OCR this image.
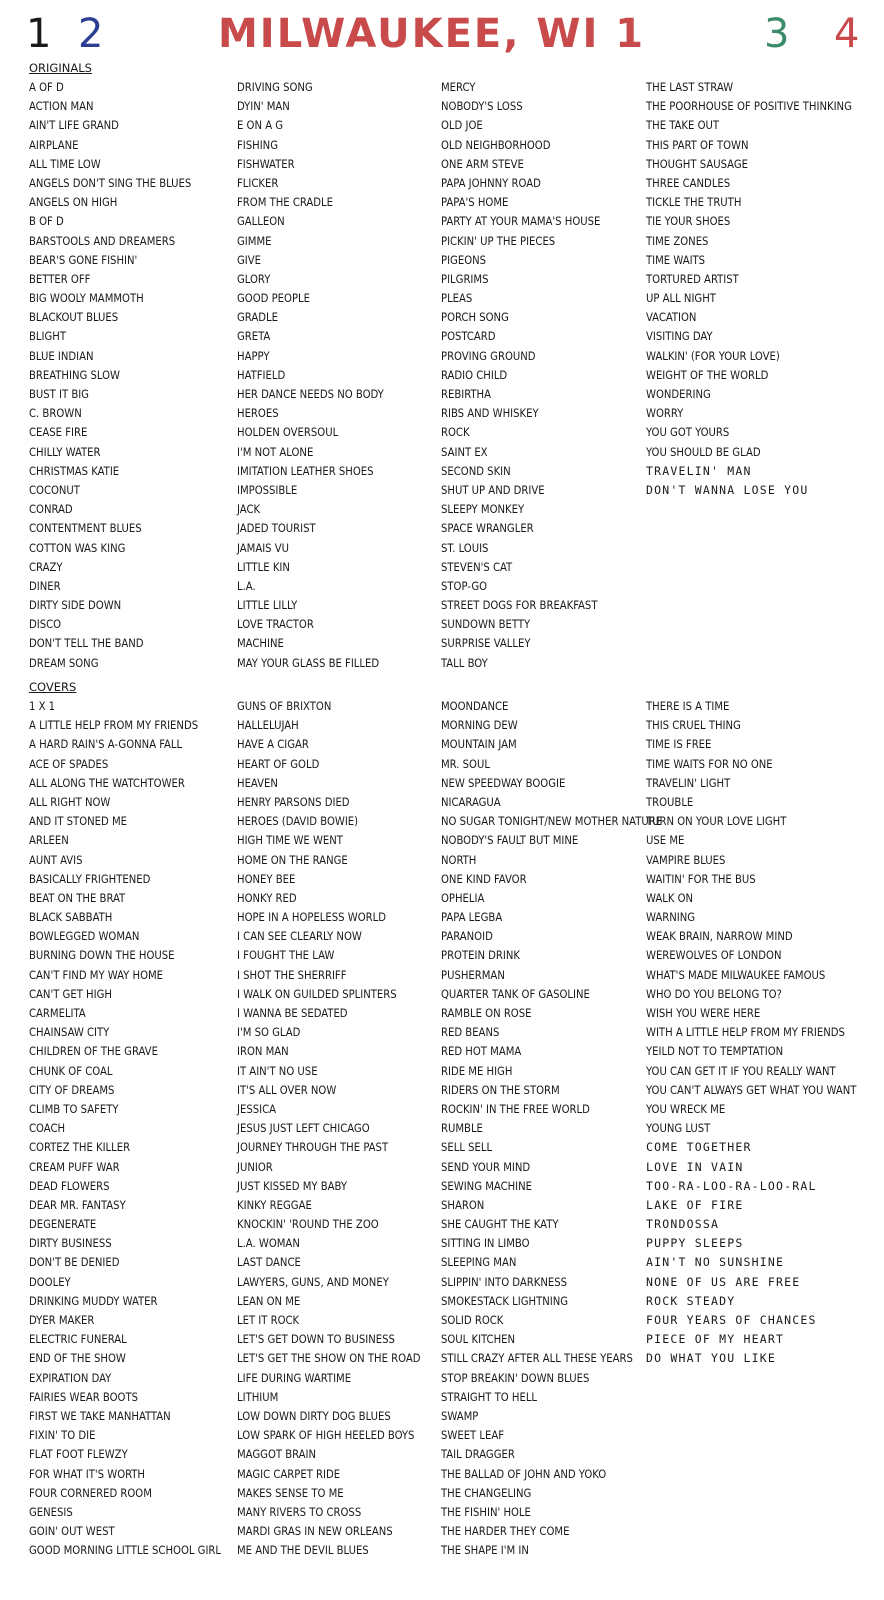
1 2	MILWAUKEE, WI 1	3 4
ORIGINALS
COVERS
A OF D
ACTION MAN
AIN'T LIFE GRAND
AIRPLANE
ALL TIME LOW
ANGELS DON'T SING THE BLUES
ANGELS ON HIGH
B OF D
BARSTOOLS AND DREAMERS
BEAR'S GONE FISHIN'
BETTER OFF
BIG WOOLY MAMMOTH
BLACKOUT BLUES
BLIGHT
BLUE INDIAN
BREATHING SLOW
BUST IT BIG
C. BROWN
CEASE FIRE
CHILLY WATER
CHRISTMAS KATIE
COCONUT
CONRAD
CONTENTMENT BLUES
COTTON WAS KING
CRAZY
DINER
DIRTY SIDE DOWN
DISCO
DON'T TELL THE BAND
DREAM SONG
DRIVING SONG
DYIN' MAN
E ON A G
FISHING
FISHWATER
FLICKER
FROM THE CRADLE
GALLEON
GIMME
GIVE
GLORY
GOOD PEOPLE
GRADLE
GRETA
HAPPY
HATFIELD
HER DANCE NEEDS NO BODY
HEROES
HOLDEN OVERSOUL
I'M NOT ALONE
IMITATION LEATHER SHOES
IMPOSSIBLE
JACK
JADED TOURIST
JAMAIS VU
LITTLE KIN
L.A.
LITTLE LILLY
LOVE TRACTOR
MACHINE
MAY YOUR GLASS BE FILLED
MERCY
NOBODY'S LOSS
OLD JOE
OLD NEIGHBORHOOD
ONE ARM STEVE
PAPA JOHNNY ROAD
PAPA'S HOME
PARTY AT YOUR MAMA'S HOUSE
PICKIN' UP THE PIECES
PIGEONS
PILGRIMS
PLEAS
PORCH SONG
POSTCARD
PROVING GROUND
RADIO CHILD
REBIRTHA
RIBS AND WHISKEY
ROCK
SAINT EX
SECOND SKIN
SHUT UP AND DRIVE
SLEEPY MONKEY
SPACE WRANGLER
ST. LOUIS
STEVEN'S CAT
STOP-GO
STREET DOGS FOR BREAKFAST
SUNDOWN BETTY
SURPRISE VALLEY
TALL BOY
THE LAST STRAW
THE POORHOUSE OF POSITIVE THINKING
THE TAKE OUT
THIS PART OF TOWN
THOUGHT SAUSAGE
THREE CANDLES
TICKLE THE TRUTH
TIE YOUR SHOES
TIME ZONES
TIME WAITS
TORTURED ARTIST
UP ALL NIGHT
VACATION
VISITING DAY
WALKIN' (FOR YOUR LOVE)
WEIGHT OF THE WORLD
WONDERING
WORRY
YOU GOT YOURS
YOU SHOULD BE GLAD
TRAVELIN' MAN
DON'T WANNA LOSE YOU
1 X 1
A LITTLE HELP FROM MY FRIENDS
A HARD RAIN'S A-GONNA FALL
ACE OF SPADES
ALL ALONG THE WATCHTOWER
ALL RIGHT NOW
AND IT STONED ME
ARLEEN
AUNT AVIS
BASICALLY FRIGHTENED
BEAT ON THE BRAT
BLACK SABBATH
BOWLEGGED WOMAN
BURNING DOWN THE HOUSE
CAN'T FIND MY WAY HOME
CAN'T GET HIGH
CARMELITA
CHAINSAW CITY
CHILDREN OF THE GRAVE
CHUNK OF COAL
CITY OF DREAMS
CLIMB TO SAFETY
COACH
CORTEZ THE KILLER
CREAM PUFF WAR
DEAD FLOWERS
DEAR MR. FANTASY
DEGENERATE
DIRTY BUSINESS
DON'T BE DENIED
DOOLEY
DRINKING MUDDY WATER
DYER MAKER
ELECTRIC FUNERAL
END OF THE SHOW
EXPIRATION DAY
FAIRIES WEAR BOOTS
FIRST WE TAKE MANHATTAN
FIXIN' TO DIE
FLAT FOOT FLEWZY
FOR WHAT IT'S WORTH
FOUR CORNERED ROOM
GENESIS
GOIN' OUT WEST
GOOD MORNING LITTLE SCHOOL GIRL
GUNS OF BRIXTON
HALLELUJAH
HAVE A CIGAR
HEART OF GOLD
HEAVEN
HENRY PARSONS DIED
HEROES (DAVID BOWIE)
HIGH TIME WE WENT
HOME ON THE RANGE
HONEY BEE
HONKY RED
HOPE IN A HOPELESS WORLD
I CAN SEE CLEARLY NOW
I FOUGHT THE LAW
I SHOT THE SHERRIFF
I WALK ON GUILDED SPLINTERS
I WANNA BE SEDATED
I'M SO GLAD
IRON MAN
IT AIN'T NO USE
IT'S ALL OVER NOW
JESSICA
JESUS JUST LEFT CHICAGO
JOURNEY THROUGH THE PAST
JUNIOR
JUST KISSED MY BABY
KINKY REGGAE
KNOCKIN' 'ROUND THE ZOO
L.A. WOMAN
LAST DANCE
LAWYERS, GUNS, AND MONEY
LEAN ON ME
LET IT ROCK
LET'S GET DOWN TO BUSINESS
LET'S GET THE SHOW ON THE ROAD
LIFE DURING WARTIME
LITHIUM
LOW DOWN DIRTY DOG BLUES
LOW SPARK OF HIGH HEELED BOYS
MAGGOT BRAIN
MAGIC CARPET RIDE
MAKES SENSE TO ME
MANY RIVERS TO CROSS
MARDI GRAS IN NEW ORLEANS
ME AND THE DEVIL BLUES
MOONDANCE
MORNING DEW
MOUNTAIN JAM
MR. SOUL
NEW SPEEDWAY BOOGIE
NICARAGUA
NO SUGAR TONIGHT/NEW MOTHER NATURE
NOBODY'S FAULT BUT MINE
NORTH
ONE KIND FAVOR
OPHELIA
PAPA LEGBA
PARANOID
PROTEIN DRINK
PUSHERMAN
QUARTER TANK OF GASOLINE
RAMBLE ON ROSE
RED BEANS
RED HOT MAMA
RIDE ME HIGH
RIDERS ON THE STORM
ROCKIN' IN THE FREE WORLD
RUMBLE
SELL SELL
SEND YOUR MIND
SEWING MACHINE
SHARON
SHE CAUGHT THE KATY
SITTING IN LIMBO
SLEEPING MAN
SLIPPIN' INTO DARKNESS
SMOKESTACK LIGHTNING
SOLID ROCK
SOUL KITCHEN
STILL CRAZY AFTER ALL THESE YEARS
STOP BREAKIN' DOWN BLUES
STRAIGHT TO HELL
SWAMP
SWEET LEAF
TAIL DRAGGER
THE BALLAD OF JOHN AND YOKO
THE CHANGELING
THE FISHIN' HOLE
THE HARDER THEY COME
THE SHAPE I'M IN
THERE IS A TIME
THIS CRUEL THING
TIME IS FREE
TIME WAITS FOR NO ONE
TRAVELIN' LIGHT
TROUBLE
TURN ON YOUR LOVE LIGHT
USE ME
VAMPIRE BLUES
WAITIN' FOR THE BUS
WALK ON
WARNING
WEAK BRAIN, NARROW MIND
WEREWOLVES OF LONDON
WHAT'S MADE MILWAUKEE FAMOUS
WHO DO YOU BELONG TO?
WISH YOU WERE HERE
WITH A LITTLE HELP FROM MY FRIENDS
YEILD NOT TO TEMPTATION
YOU CAN GET IT IF YOU REALLY WANT
YOU CAN'T ALWAYS GET WHAT YOU WANT
YOU WRECK ME
YOUNG LUST
COME TOGETHER
LOVE IN VAIN
TOO-RA-LOO-RA-LOO-RAL
LAKE OF FIRE
TRONDOSSA
PUPPY SLEEPS
AIN'T NO SUNSHINE
NONE OF US ARE FREE
ROCK STEADY
FOUR YEARS OF CHANCES
PIECE OF MY HEART
DO WHAT YOU LIKE
